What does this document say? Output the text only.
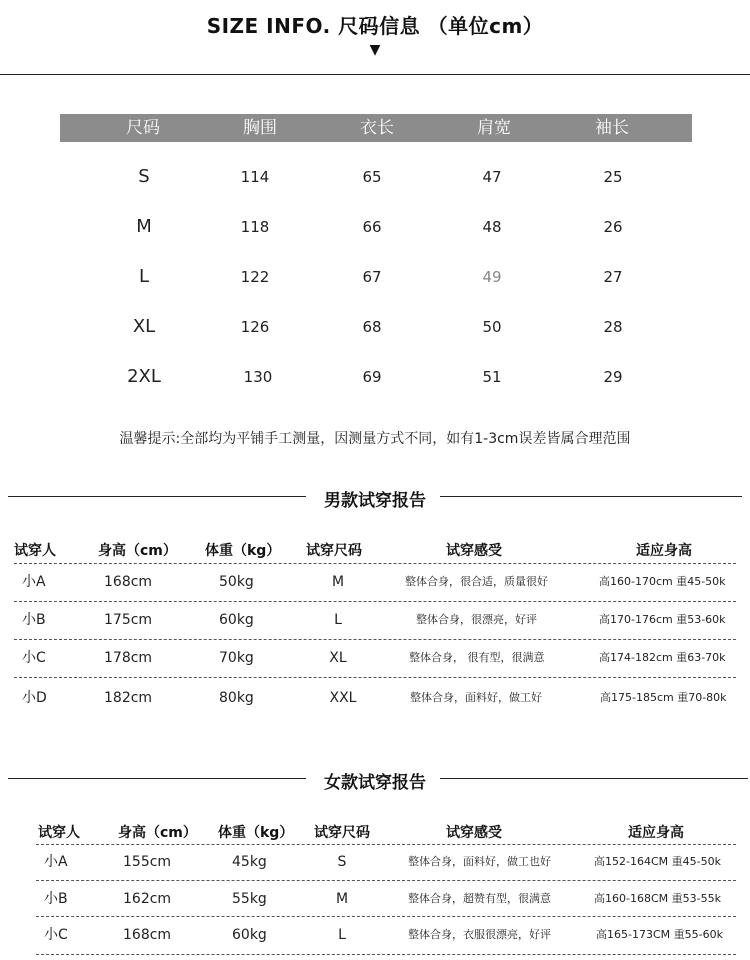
SIZE INFO. 尺码信息 （单位cm）
▼
尺码	胸围	衣长	肩宽	袖长
S	114	65	47	25
M	118	66	48	26
L	122	67	49	27
XL	126	68	50	28
2XL	130	69	51	29
温馨提示:全部均为平铺手工测量，因测量方式不同，如有1-3cm误差皆属合理范围
男款试穿报告
试穿人	身高（cm） 体重（kg） 试穿尺码	试穿感受	适应身高
小A	168cm	50kg	M	整体合身，很合适，质量很好	高160-170cm 重45-50k
小B	175cm	60kg	L	整体合身，很漂亮，好评	高170-176cm 重53-60k
小C	178cm	70kg	XL	整体合身， 很有型，很满意	高174-182cm 重63-70k
小D	182cm	80kg	XXL	整体合身，面料好，做工好	高175-185cm 重70-80k
女款试穿报告
试穿人	身高（cm） 体重（kg） 试穿尺码	试穿感受	适应身高
小A	155cm	45kg	S	整体合身，面料好，做工也好	高152-164CM 重45-50k
小B	162cm	55kg	M	整体合身，超赞有型，很满意	高160-168CM 重53-55k
小C	168cm	60kg	L	整体合身，衣服很漂亮，好评	高165-173CM 重55-60k
